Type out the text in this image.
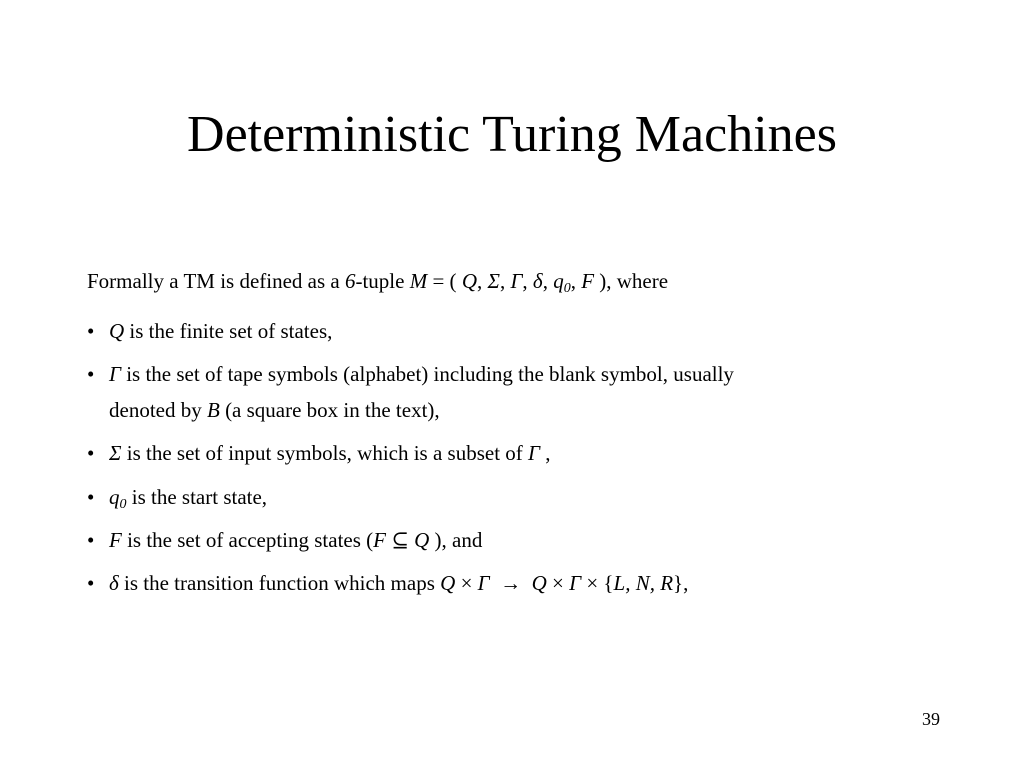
Deterministic Turing Machines
Formally a TM is defined as a 6-tuple M = ( Q, Σ, Γ, δ, $q_0$, F ), where
• Q is the finite set of states,
• Γ is the set of tape symbols (alphabet) including the blank symbol, usually
denoted by B (a square box in the text),
• Σ is the set of input symbols, which is a subset of Γ ,
• $q_0$ is the start state,
• F is the set of accepting states (F ⊆ Q ), and
• δ is the transition function which maps Q × Γ  →  Q × Γ × {L, N, R},
39
